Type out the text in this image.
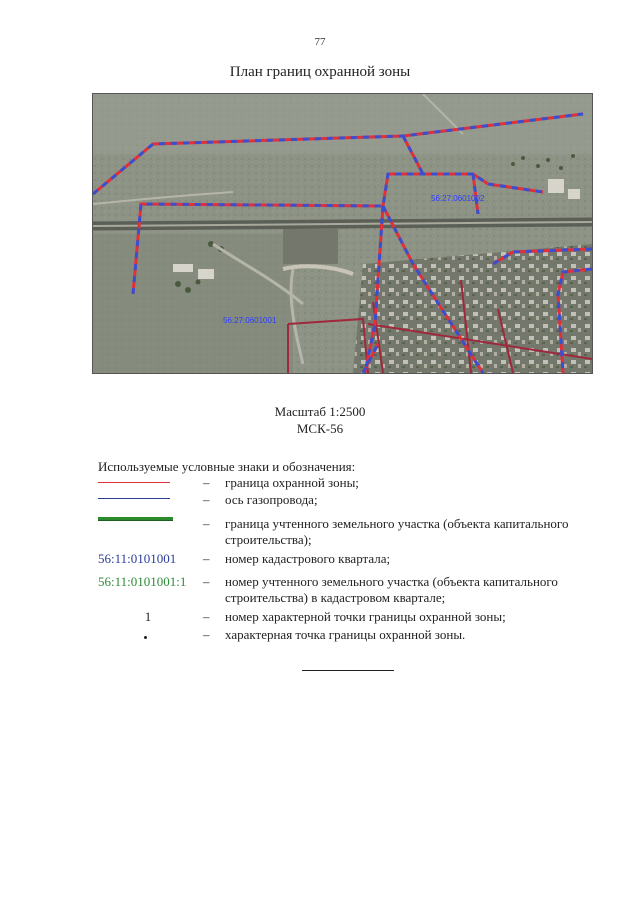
77
План границ охранной зоны
56:27:0601002
56:27:0601001
Масштаб 1:2500
МСК-56
Используемые условные знаки и обозначения:
– граница охранной зоны;
– ось газопровода;
– граница учтенного земельного участка (объекта капитального строительства);
56:11:0101001	– номер кадастрового квартала;
56:11:0101001:1	– номер учтенного земельного участка (объекта капитального строительства) в кадастровом квартале;
1	– номер характерной точки границы охранной зоны;
– характерная точка границы охранной зоны.
